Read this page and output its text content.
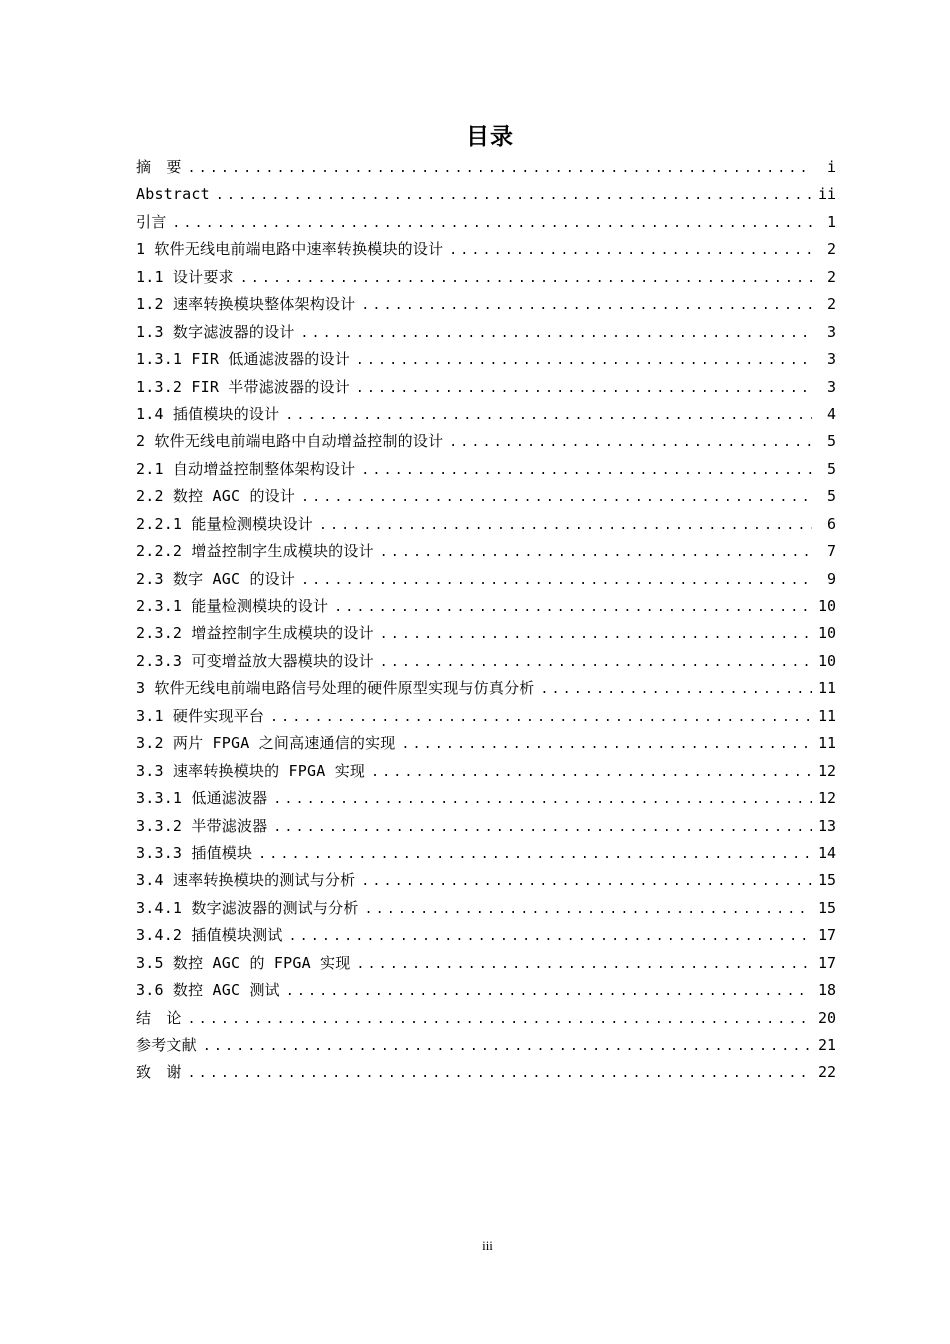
目录
摘　要 .....	i
Abstract .....	ii
引言 .....	1
1 软件无线电前端电路中速率转换模块的设计 .....	2
1.1 设计要求 .....	2
1.2 速率转换模块整体架构设计 .....	2
1.3 数字滤波器的设计 .....	3
1.3.1 FIR 低通滤波器的设计 .....	3
1.3.2 FIR 半带滤波器的设计 .....	3
1.4 插值模块的设计 .....	4
2 软件无线电前端电路中自动增益控制的设计 .....	5
2.1 自动增益控制整体架构设计 .....	5
2.2 数控 AGC 的设计 .....	5
2.2.1 能量检测模块设计 .....	6
2.2.2 增益控制字生成模块的设计 .....	7
2.3 数字 AGC 的设计 .....	9
2.3.1 能量检测模块的设计 .....	10
2.3.2 增益控制字生成模块的设计 .....	10
2.3.3 可变增益放大器模块的设计 .....	10
3 软件无线电前端电路信号处理的硬件原型实现与仿真分析 .....	11
3.1 硬件实现平台 .....	11
3.2 两片 FPGA 之间高速通信的实现 .....	11
3.3 速率转换模块的 FPGA 实现 .....	12
3.3.1 低通滤波器 .....	12
3.3.2 半带滤波器 .....	13
3.3.3 插值模块 .....	14
3.4 速率转换模块的测试与分析 .....	15
3.4.1 数字滤波器的测试与分析 .....	15
3.4.2 插值模块测试 .....	17
3.5 数控 AGC 的 FPGA 实现 .....	17
3.6 数控 AGC 测试 .....	18
结　论 .....	20
参考文献 .....	21
致　谢 .....	22
iii
